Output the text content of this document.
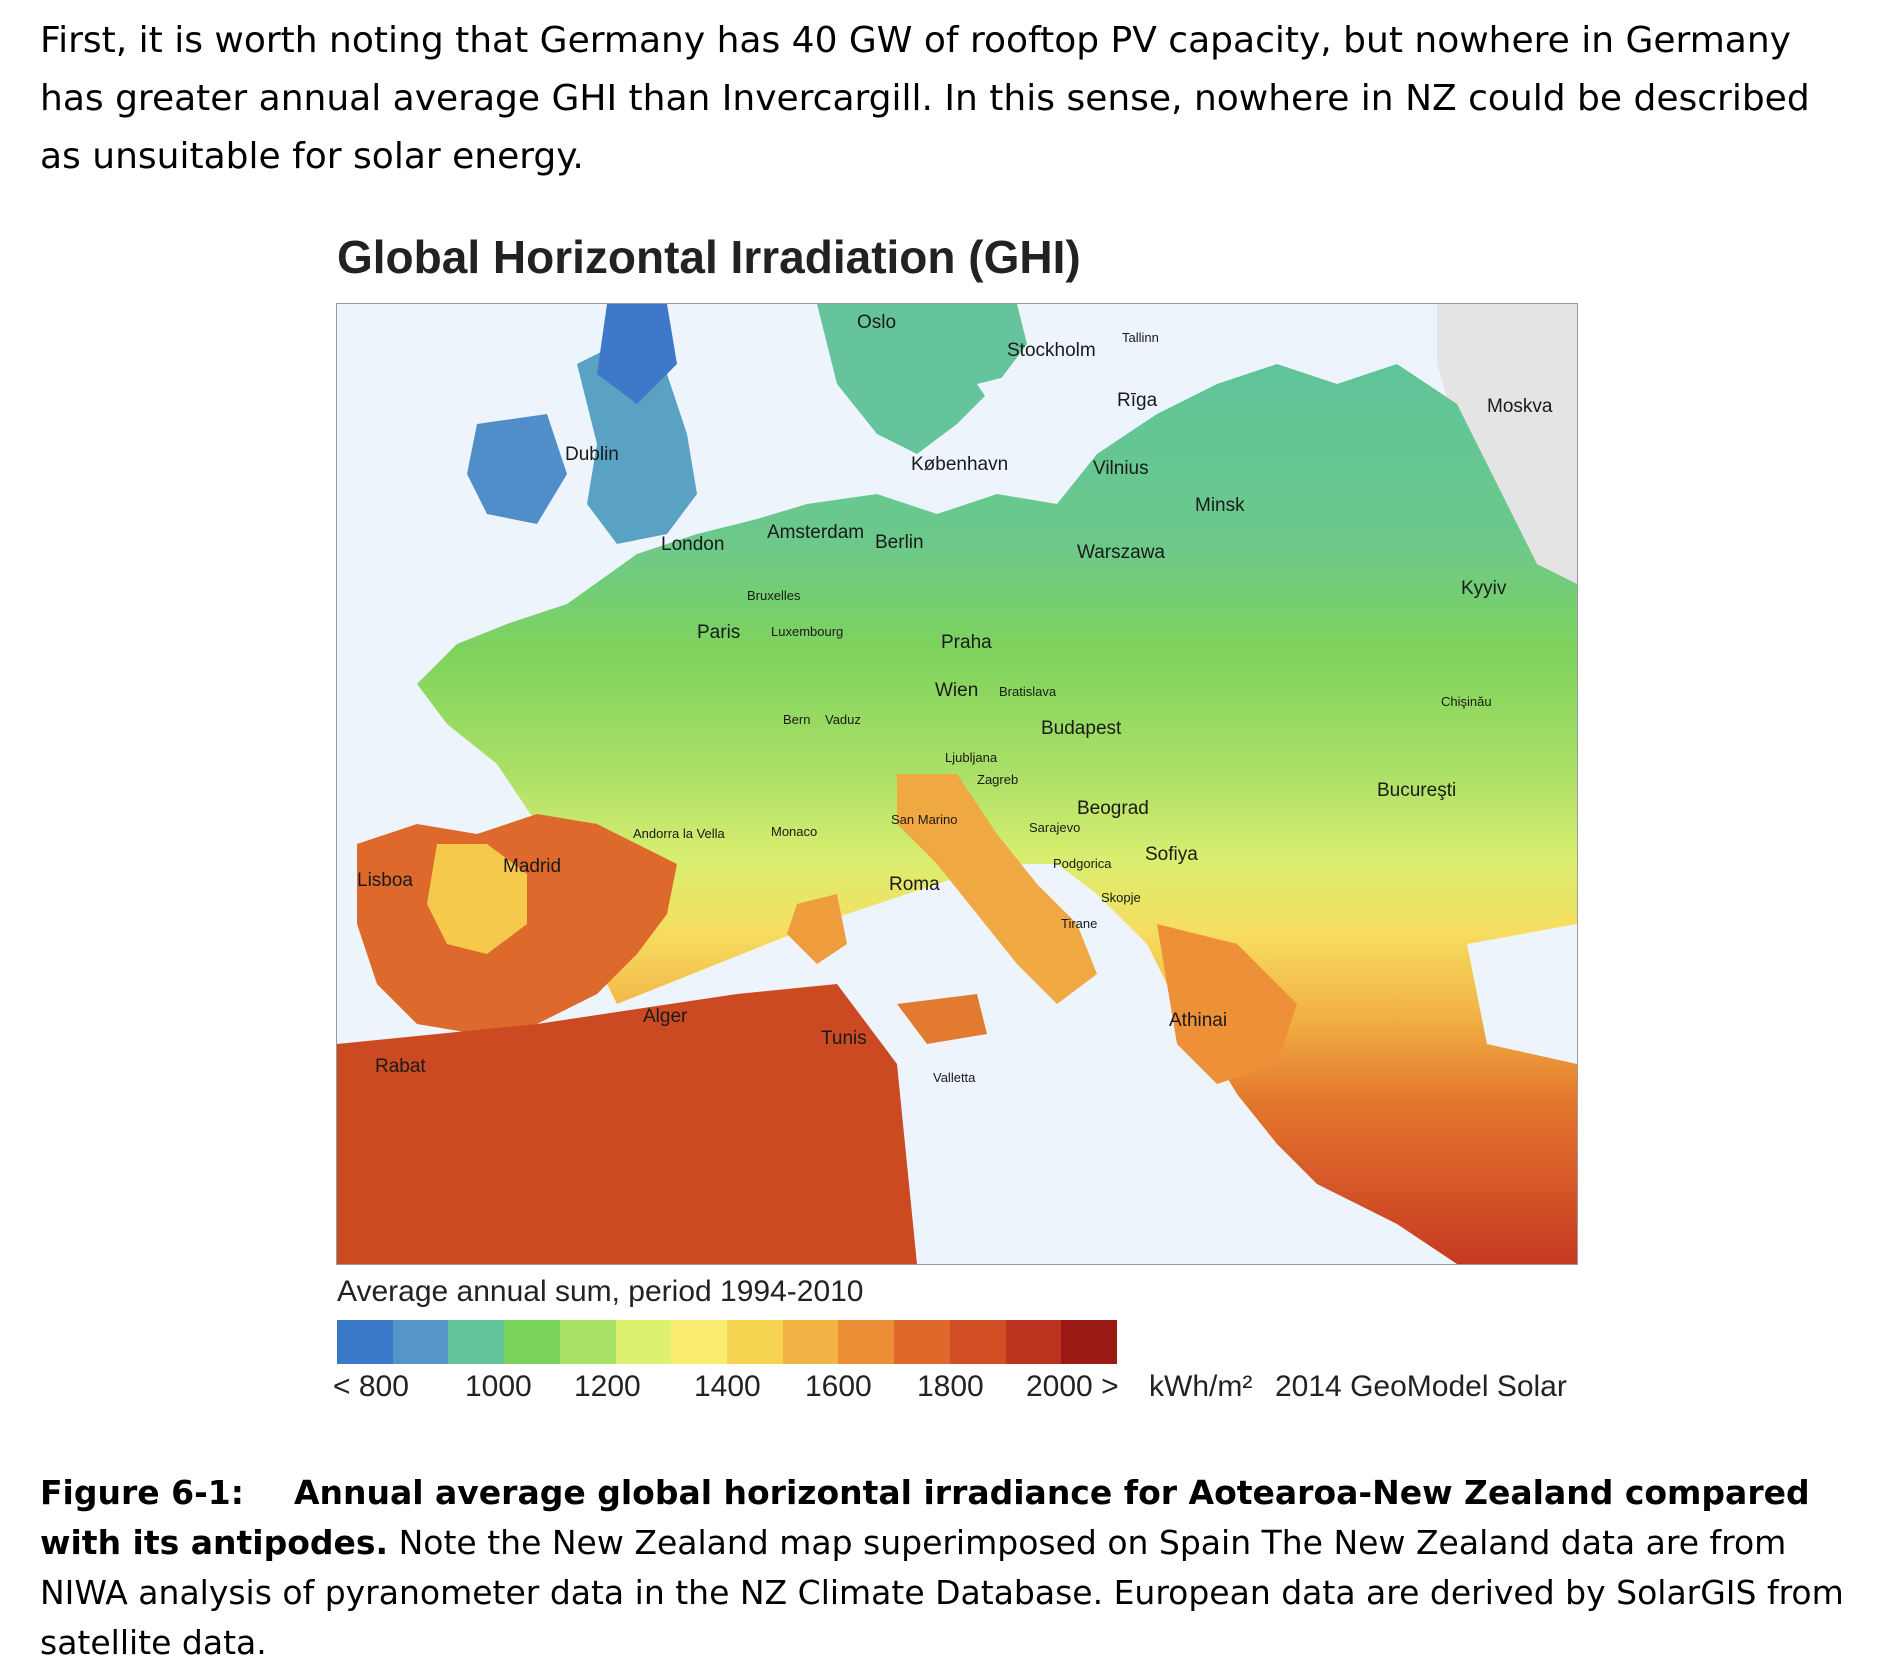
First, it is worth noting that Germany has 40 GW of rooftop PV capacity, but nowhere in Germany has greater annual average GHI than Invercargill. In this sense, nowhere in NZ could be described as unsuitable for solar energy.

Global Horizontal Irradiation (GHI)
Oslo
Stockholm
Tallinn
Rīga	Moskva
Dublin	København	Vilnius
Minsk
London
Amsterdam Berlin	Warszawa
Bruxelles	Kyyiv
Paris Luxembourg
Praha
Wien Bratislava
Chişinău
Bern Vaduz	Budapest
Ljubljana
Zagreb
Bucureşti
Beograd
San Marino
Sarajevo
Andorra la Vella	Monaco
Sofiya
Podgorica
Madrid
Lisboa	Roma
Skopje
Tirane
Alger	Athinai
Tunis
Rabat
Valletta

Average annual sum, period 1994-2010

< 800 1000 1200 1400 1600 1800 2000 > kWh/m² 2014 GeoModel Solar

Figure 6-1: Annual average global horizontal irradiance for Aotearoa-New Zealand compared with its antipodes. Note the New Zealand map superimposed on Spain The New Zealand data are from NIWA analysis of pyranometer data in the NZ Climate Database. European data are derived by SolarGIS from satellite data.
